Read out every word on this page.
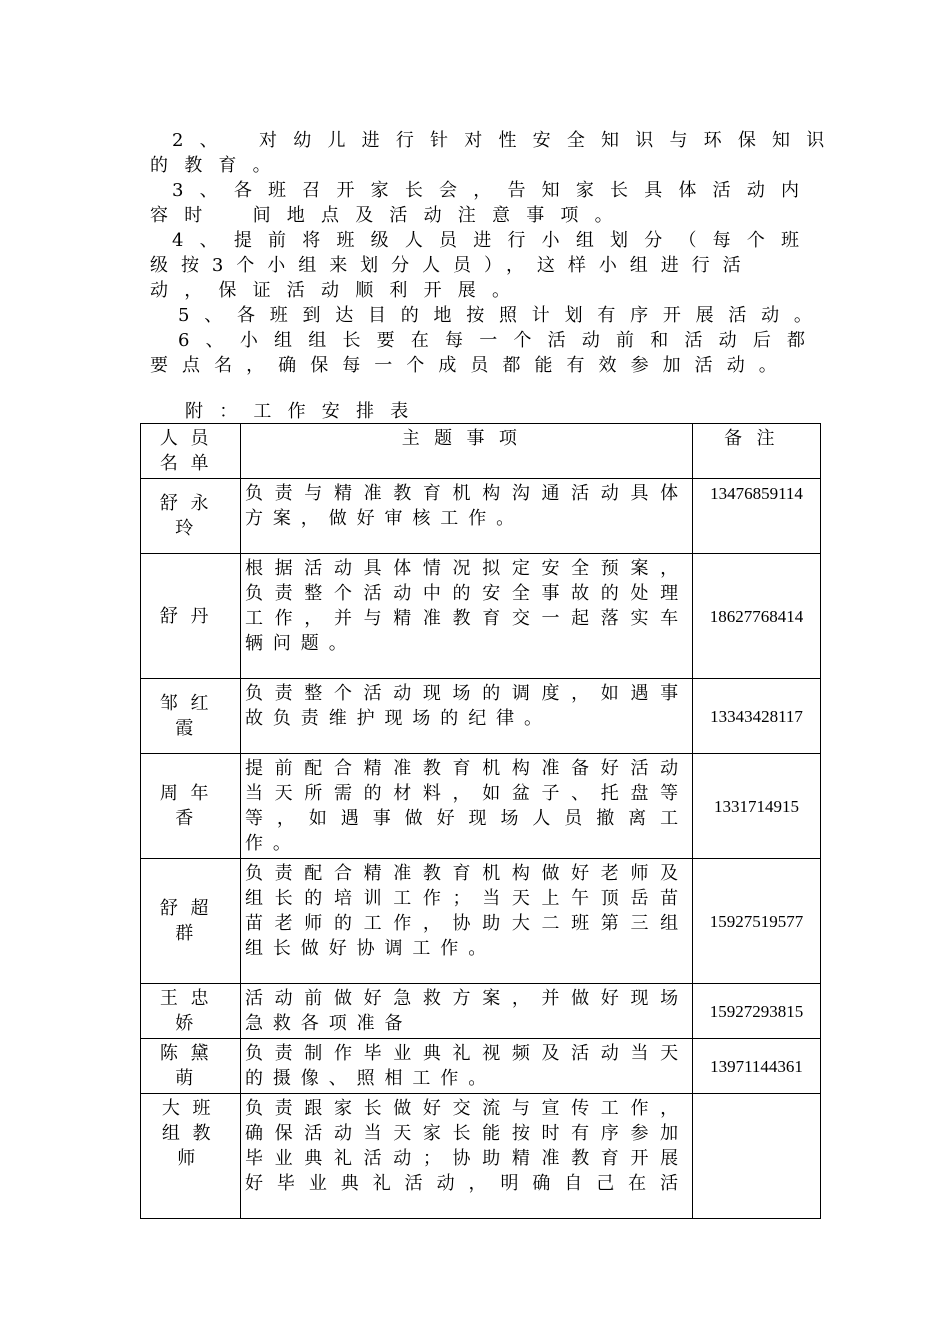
2、　对幼儿进行针对性安全知识与环保知识
的教育。
3、各班召开家长会，告知家长具体活动内
容时　间地点及活动注意事项。
4、提前将班级人员进行小组划分（每个班
级按3个小组来划分人员），这样小组进行活
动，保证活动顺利开展。
5、各班到达目的地按照计划有序开展活动。
6、小组组长要在每一个活动前和活动后都
要点名，确保每一个成员都能有效参加活动。
附：工作安排表
人员名单	主题事项	备注
舒永玲	负责与精准教育机构沟通活动具体方案，做好审核工作。	13476859114
舒丹	根据活动具体情况拟定安全预案，负责整个活动中的安全事故的处理工作，并与精准教育交一起落实车辆问题。	18627768414
邹红霞	负责整个活动现场的调度，如遇事故负责维护现场的纪律。	13343428117
周年香	提前配合精准教育机构准备好活动当天所需的材料，如盆子、托盘等等，如遇事做好现场人员撤离工作。	1331714915
舒超群	负责配合精准教育机构做好老师及组长的培训工作；当天上午顶岳苗苗老师的工作，协助大二班第三组组长做好协调工作。	15927519577
王忠娇	活动前做好急救方案，并做好现场急救各项准备	15927293815
陈黛萌	负责制作毕业典礼视频及活动当天的摄像、照相工作。	13971144361
大班组教师	负责跟家长做好交流与宣传工作，确保活动当天家长能按时有序参加毕业典礼活动；协助精准教育开展好毕业典礼活动，明确自己在活	
